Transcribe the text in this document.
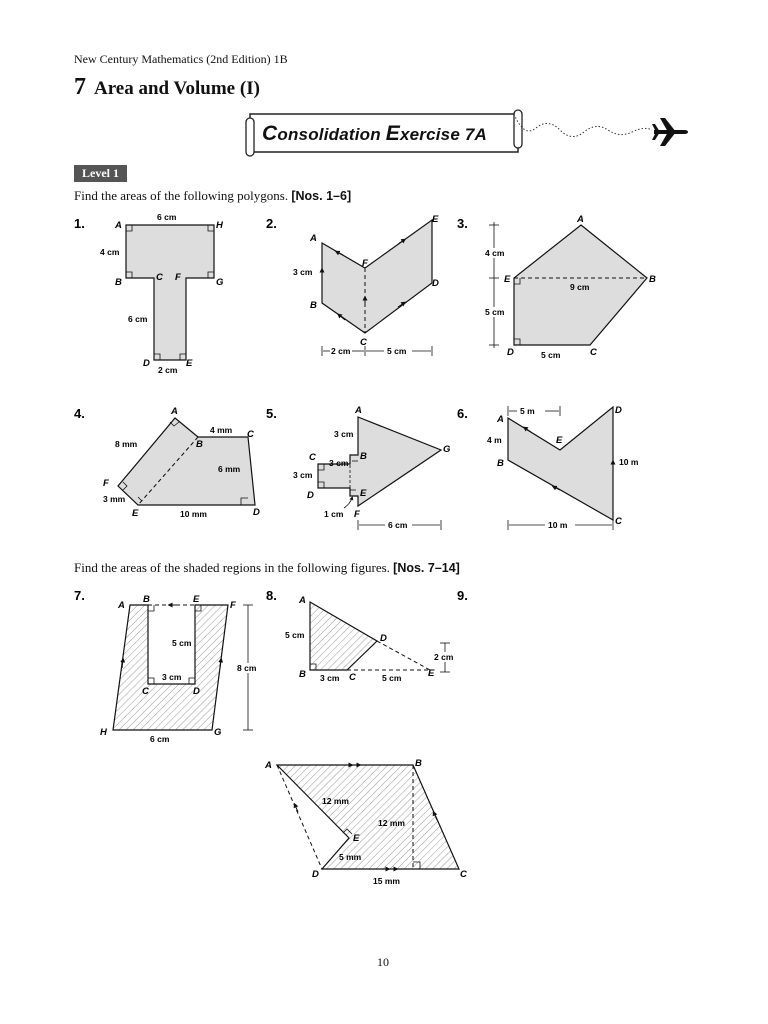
New Century Mathematics (2nd Edition) 1B
7 Area and Volume (I)
Consolidation Exercise 7A
Level 1
Find the areas of the following polygons. [Nos. 1–6]
Find the areas of the shaded regions in the following figures. [Nos. 7–14]
1.	A	H
B	C F	G
D	E
6 cm
4 cm
6 cm
2 cm
2.
A
F
E
B
D
C
3 cm
2 cm	5 cm
3.	A
E	B
D	C
4 cm
5 cm
9 cm
5 cm
4.	A
B
C
F
E	D
8 mm
4 mm
6 mm
3 mm
10 mm
5.	A
C	B
G
D	E
F
3 cm
3 cm
3 cm
1 cm
6 cm
6.	A
E
D
B
C
5 m
4 m
10 m
10 m
7.
A
B	E
F
C	D
H	G
5 cm
3 cm
8 cm
6 cm
8. A
D
B	C	E
5 cm
3 cm	5 cm
2 cm
9.
A	B
E
D	C
12 mm
12 mm
5 mm
15 mm
10
